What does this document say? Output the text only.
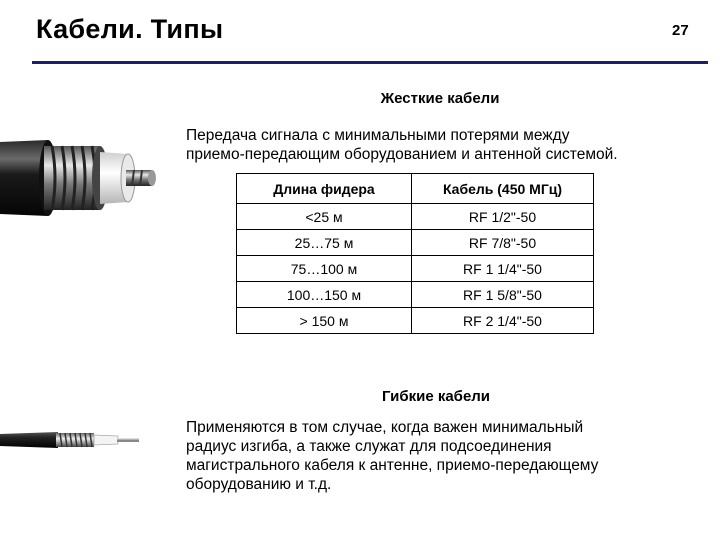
Кабели. Типы	27
Жесткие кабели
Передача сигнала с минимальными потерями между
приемо-передающим оборудованием и антенной системой.
Длина фидера	Кабель (450 МГц)
<25 м	RF 1/2"-50
25…75 м	RF 7/8"-50
75…100 м	RF 1 1/4"-50
100…150 м	RF 1 5/8"-50
> 150 м	RF 2 1/4"-50
Гибкие кабели
Применяются в том случае, когда важен минимальный
радиус изгиба, а также служат для подсоединения
магистрального кабеля к антенне, приемо-передающему
оборудованию и т.д.
